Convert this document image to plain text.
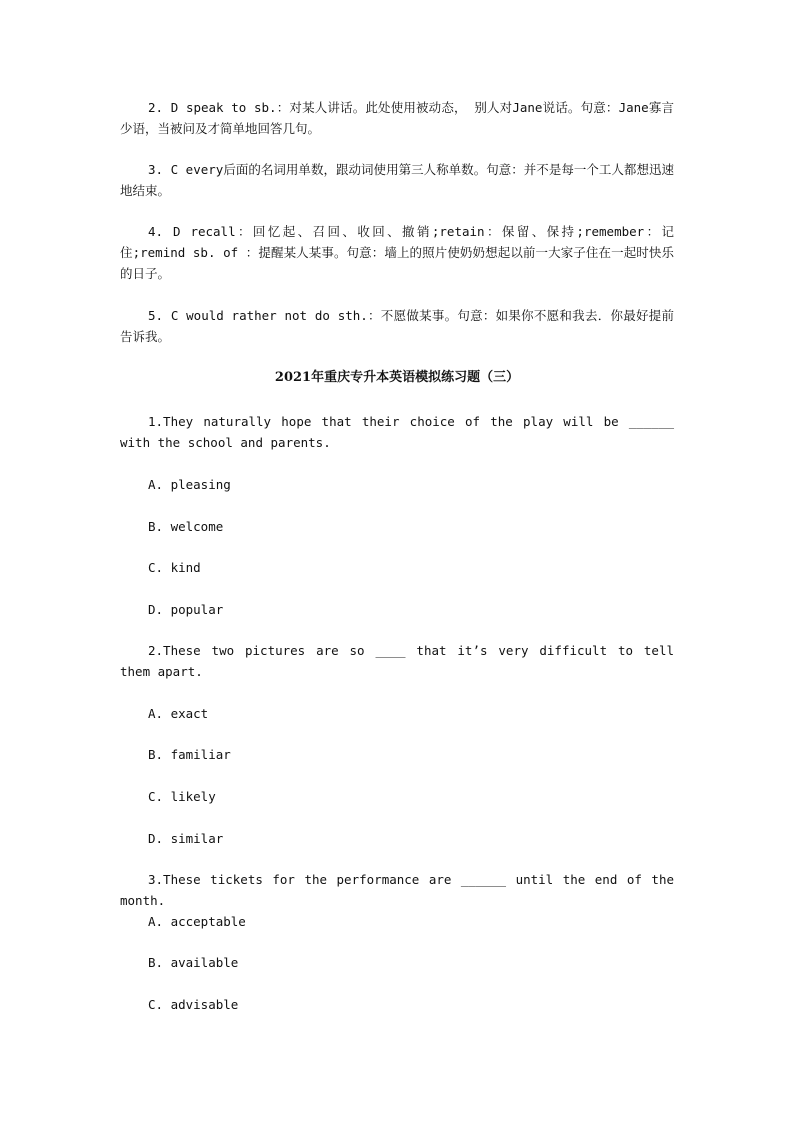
2. D speak to sb.：对某人讲话。此处使用被动态， 别人对Jane说话。句意：Jane寡言少语，当被问及才简单地回答几句。

3. C every后面的名词用单数，跟动词使用第三人称单数。句意：并不是每一个工人都想迅速地结束。

4. D recall：回忆起、召回、收回、撤销;retain：保留、保持;remember：记住;remind sb. of ：提醒某人某事。句意：墙上的照片使奶奶想起以前一大家子住在一起时快乐的日子。

5. C would rather not do sth.：不愿做某事。句意：如果你不愿和我去．你最好提前告诉我。

2021年重庆专升本英语模拟练习题（三）

1.They naturally hope that their choice of the play will be ______ with the school and parents.

A. pleasing

B. welcome

C. kind

D. popular

2.These two pictures are so ____ that it’s very difficult to tell them apart.

A. exact

B. familiar

C. likely

D. similar

3.These tickets for the performance are ______ until the end of the month.

A. acceptable

B. available

C. advisable
